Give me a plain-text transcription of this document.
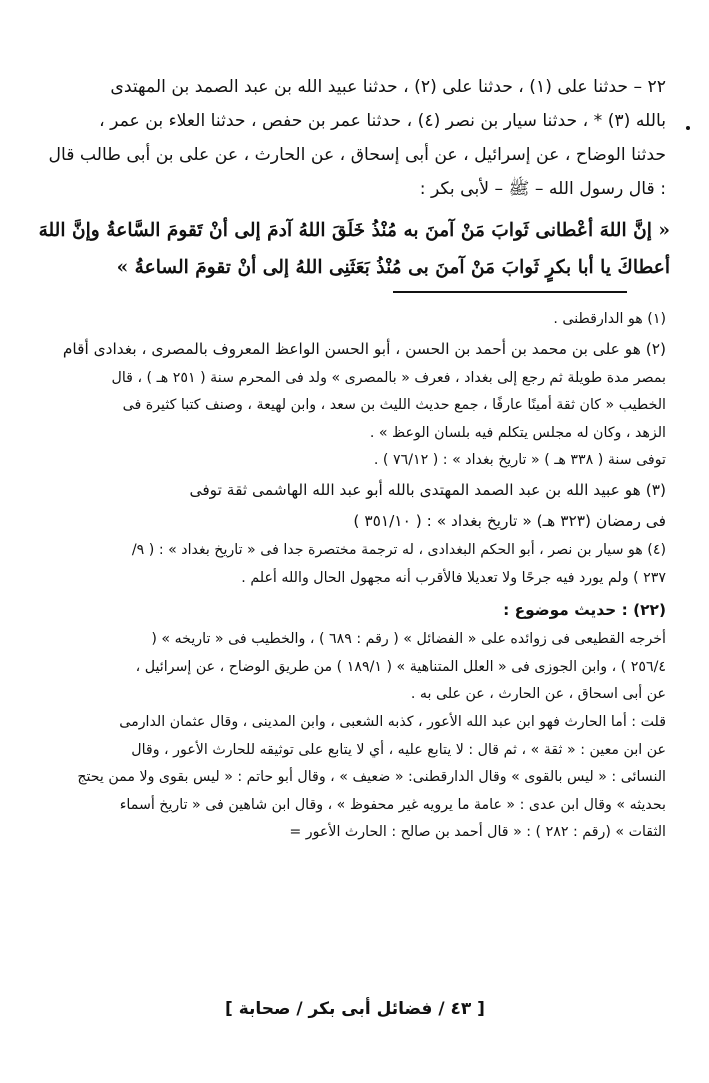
٢٢ – حدثنا على (١) ، حدثنا على (٢) ، حدثنا عبيد الله بن عبد الصمد بن المهتدى
بالله (٣) * ، حدثنا سيار بن نصر (٤) ، حدثنا عمر بن حفص ، حدثنا العلاء بن عمر ،
حدثنا الوضاح ، عن إسرائيل ، عن أبى إسحاق ، عن الحارث ، عن على بن أبى طالب قال
: قال رسول الله – ﷺ – لأبى بكر :
« إنَّ اللهَ أعْطانى ثَوابَ مَنْ آمنَ به مُنْذُ خَلَقَ اللهُ آدمَ إلى أنْ تَقومَ السَّاعةُ وإنَّ اللهَ
أعطاكَ يا أبا بكرٍ ثَوابَ مَنْ آمنَ بى مُنْذُ بَعَثَنِى اللهُ إلى أنْ تقومَ الساعةُ »

(١) هو الدارقطنى .

(٢) هو على بن محمد بن أحمد بن الحسن ، أبو الحسن الواعظ المعروف بالمصرى ، بغدادى أقام

بمصر مدة طويلة ثم رجع إلى بغداد ، فعرف « بالمصرى » ولد فى المحرم سنة ( ٢٥١ هـ ) ، قال

الخطيب « كان ثقة أمينًا عارفًا ، جمع حديث الليث بن سعد ، وابن لهيعة ، وصنف كتبا كثيرة فى

الزهد ، وكان له مجلس يتكلم فيه بلسان الوعظ » .

توفى سنة ( ٣٣٨ هـ ) « تاريخ بغداد » : ( ٧٦/١٢ ) .

(٣) هو عبيد الله بن عبد الصمد المهتدى بالله أبو عبد الله الهاشمى ثقة توفى

فى رمضان (٣٢٣ هـ) « تاريخ بغداد » : ( ٣٥١/١٠ )

(٤) هو سيار بن نصر ، أبو الحكم البغدادى ، له ترجمة مختصرة جدا فى « تاريخ بغداد » : ( ٩/

٢٣٧ ) ولم يورد فيه جرحًا ولا تعديلا فالأقرب أنه مجهول الحال والله أعلم .

(٢٢) : حديث موضوع :

أخرجه القطيعى فى زوائده على « الفضائل » ( رقم : ٦٨٩ ) ، والخطيب فى « تاريخه » (

٢٥٦/٤ ) ، وابن الجوزى فى « العلل المتناهية » ( ١٨٩/١ ) من طريق الوضاح ، عن إسرائيل ،

عن أبى اسحاق ، عن الحارث ، عن على به .

قلت : أما الحارث فهو ابن عبد الله الأعور ، كذبه الشعبى ، وابن المدينى ، وقال عثمان الدارمى

عن ابن معين : « ثقة » ، ثم قال : لا يتابع عليه ، أي لا يتابع على توثيقه للحارث الأعور ، وقال

النسائى : « ليس بالقوى » وقال الدارقطنى: « ضعيف » ، وقال أبو حاتم : « ليس بقوى ولا ممن يحتج

بحديثه » وقال ابن عدى : « عامة ما يرويه غير محفوظ » ، وقال ابن شاهين فى « تاريخ أسماء

الثقات » (رقم : ٢٨٢ ) : « قال أحمد بن صالح : الحارث الأعور =

[ ٤٣ / فضائل أبى بكر / صحابة ]
